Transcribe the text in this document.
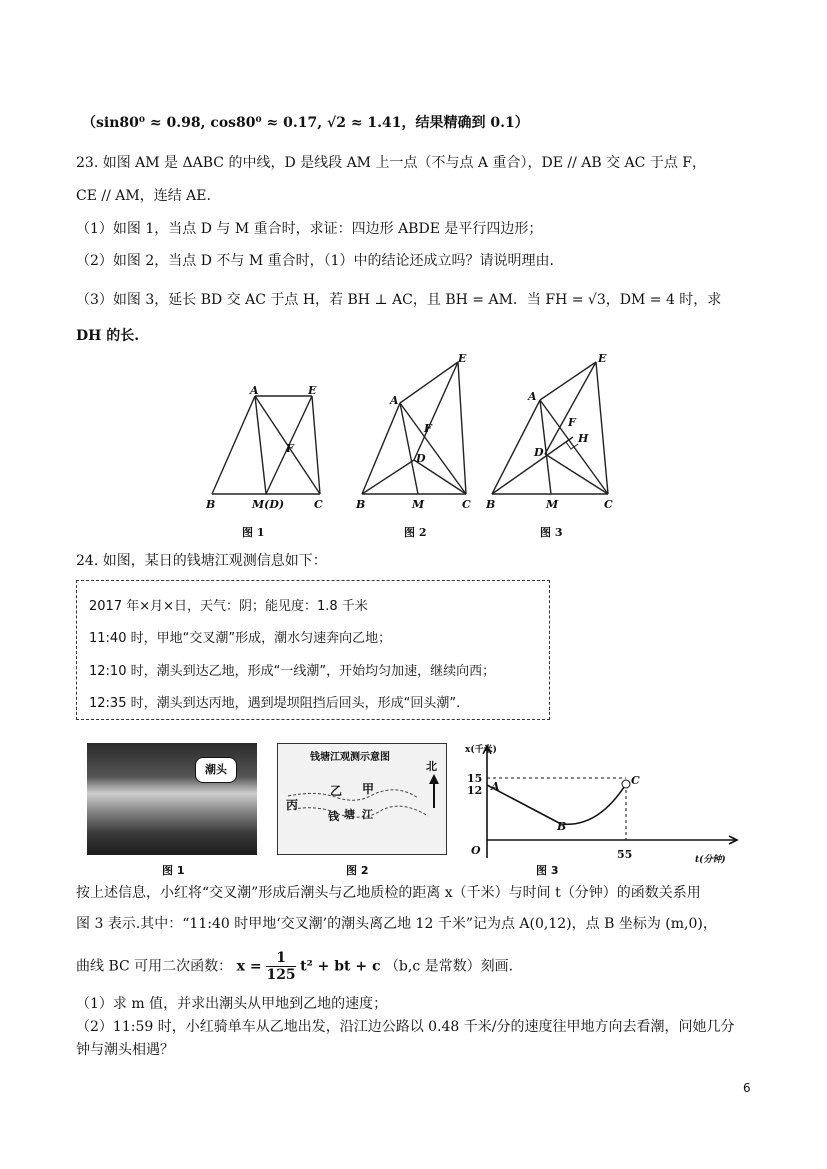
（sin80⁰ ≈ 0.98, cos80⁰ ≈ 0.17, √2 ≈ 1.41，结果精确到 0.1）
23. 如图 AM 是 ΔABC 的中线，D 是线段 AM 上一点（不与点 A 重合），DE // AB 交 AC 于点 F，
CE // AM，连结 AE.
（1）如图 1，当点 D 与 M 重合时，求证：四边形 ABDE 是平行四边形；
（2）如图 2，当点 D 不与 M 重合时，（1）中的结论还成立吗？请说明理由.
（3）如图 3，延长 BD 交 AC 于点 H，若 BH ⊥ AC，且 BH = AM．当 FH = √3，DM = 4 时，求
DH 的长.
A	E
F
B	M(D)	C
A
E
F
D
B	M	C
A
E
F
H
D
B	M	C
图 1	图 2	图 3
24. 如图，某日的钱塘江观测信息如下：
2017 年×月×日，天气：阴；能见度：1.8 千米
11:40 时，甲地“交叉潮”形成，潮水匀速奔向乙地；
12:10 时，潮头到达乙地，形成“一线潮”，开始均匀加速，继续向西；
12:35 时，潮头到达丙地，遇到堤坝阻挡后回头，形成“回头潮”.
潮头
图 1
钱塘江观测示意图
丙
乙 甲
钱 塘 江
北
图 2
x(千米)
t(分钟)
15
12
55
O
A
B
C
图 3
按上述信息，小红将“交叉潮”形成后潮头与乙地质检的距离 x（千米）与时间 t（分钟）的函数关系用
图 3 表示.其中：“11:40 时甲地‘交叉潮’的潮头离乙地 12 千米”记为点 A(0,12)，点 B 坐标为 (m,0)，
曲线 BC 可用二次函数： $x = \frac{1}{125} t^2$ + bt + c （b,c 是常数）刻画.
（1）求 m 值，并求出潮头从甲地到乙地的速度；
（2）11:59 时，小红骑单车从乙地出发，沿江边公路以 0.48 千米/分的速度往甲地方向去看潮，问她几分
钟与潮头相遇？
6
